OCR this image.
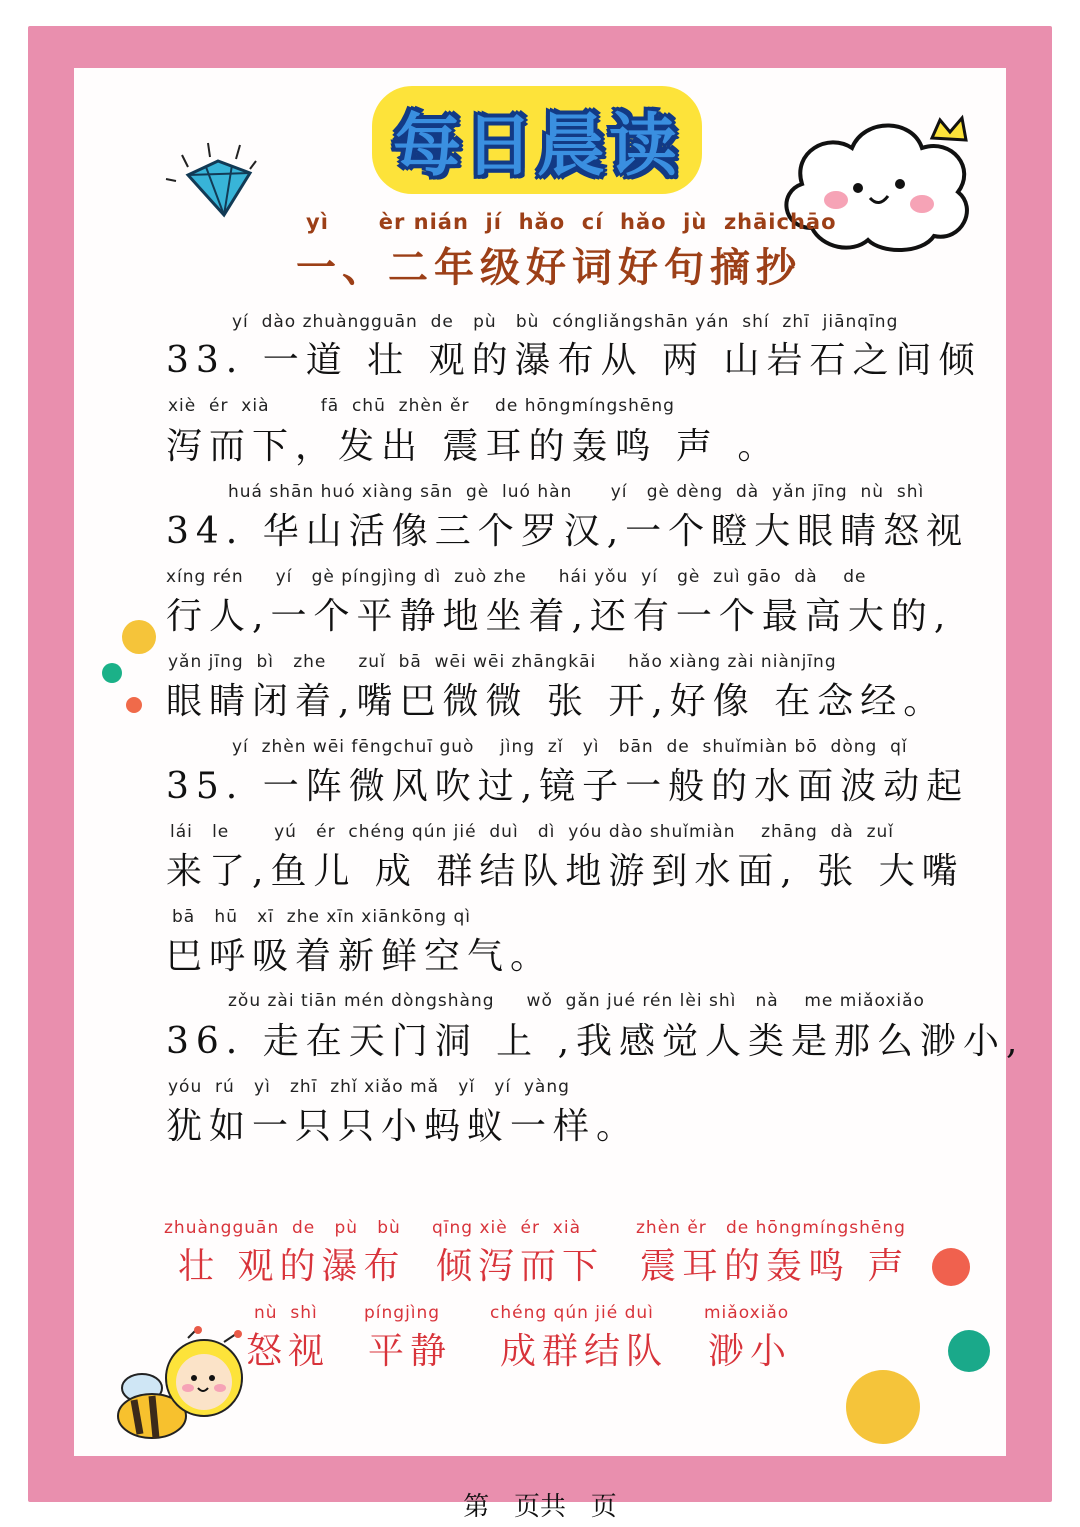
每日晨读
yì      èr nián  jí  hǎo  cí  hǎo  jù  zhāichāo
一、二年级好词好句摘抄
yí  dào zhuàngguān  de   pù   bù  cóngliǎngshān yán  shí  zhī  jiānqīng
33. 一道 壮 观的瀑布从 两 山岩石之间倾
xiè  ér  xià        fā  chū  zhèn ěr    de hōngmíngshēng
泻而下，发出 震耳的轰鸣 声 。
huá shān huó xiàng sān  gè  luó hàn      yí   gè dèng  dà  yǎn jīng  nù  shì
34. 华山活像三个罗汉,一个瞪大眼睛怒视
xíng rén     yí   gè píngjìng dì  zuò zhe     hái yǒu  yí   gè  zuì gāo  dà    de
行人,一个平静地坐着,还有一个最高大的,
yǎn jīng  bì   zhe     zuǐ  bā  wēi wēi zhāngkāi     hǎo xiàng zài niànjīng
眼睛闭着,嘴巴微微 张 开,好像 在念经。
yí  zhèn wēi fēngchuī guò    jìng  zǐ   yì   bān  de  shuǐmiàn bō  dòng  qǐ
35. 一阵微风吹过,镜子一般的水面波动起
lái   le       yú   ér  chéng qún jié  duì   dì  yóu dào shuǐmiàn    zhāng  dà  zuǐ
来了,鱼儿 成 群结队地游到水面, 张 大嘴
bā   hū   xī  zhe xīn xiānkōng qì
巴呼吸着新鲜空气。
zǒu zài tiān mén dòngshàng     wǒ  gǎn jué rén lèi shì   nà    me miǎoxiǎo
36. 走在天门洞 上 ,我感觉人类是那么渺小,
yóu  rú   yì   zhī  zhǐ xiǎo mǎ   yǐ   yí  yàng
犹如一只只小蚂蚁一样。
zhuàngguān  de   pù   bù
壮 观的瀑布
qīng xiè  ér  xià
倾泻而下
zhèn ěr   de hōngmíngshēng
震耳的轰鸣 声
nù  shì
怒视
píngjìng
平静
chéng qún jié duì
成群结队
miǎoxiǎo
渺小
第   页共   页
